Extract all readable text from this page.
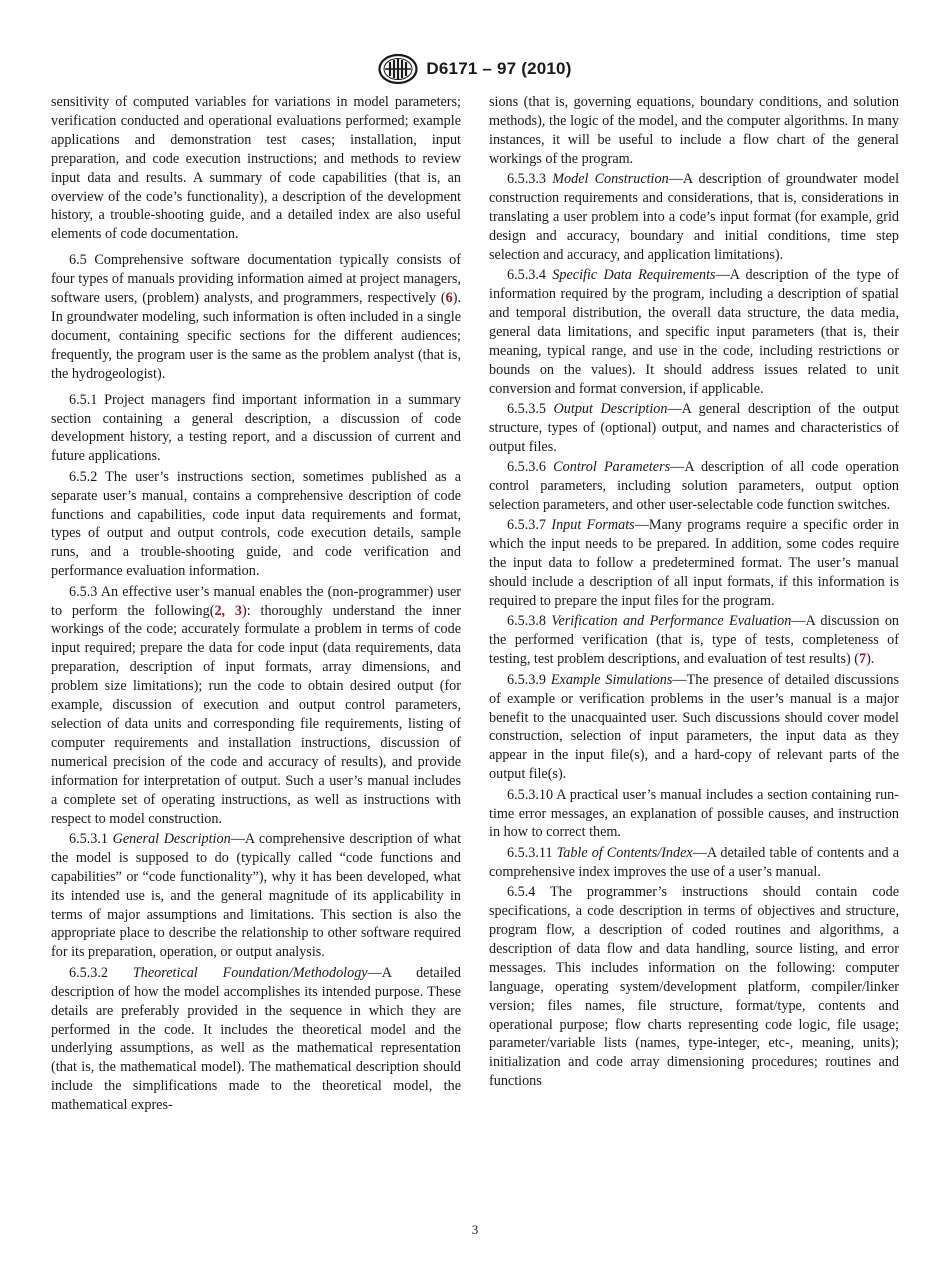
D6171 – 97 (2010)

sensitivity of computed variables for variations in model parameters; verification conducted and operational evaluations performed; example applications and demonstration test cases; installation, input preparation, and code execution instructions; and methods to review input data and results. A summary of code capabilities (that is, an overview of the code’s functionality), a description of the development history, a trouble-shooting guide, and a detailed index are also useful elements of code documentation.

6.5 Comprehensive software documentation typically consists of four types of manuals providing information aimed at project managers, software users, (problem) analysts, and programmers, respectively (6). In groundwater modeling, such information is often included in a single document, containing specific sections for the different audiences; frequently, the program user is the same as the problem analyst (that is, the hydrogeologist).

6.5.1 Project managers find important information in a summary section containing a general description, a discussion of code development history, a testing report, and a discussion of current and future applications.

6.5.2 The user’s instructions section, sometimes published as a separate user’s manual, contains a comprehensive description of code functions and capabilities, code input data requirements and format, types of output and output controls, code execution details, sample runs, and a trouble-shooting guide, and code verification and performance evaluation information.

6.5.3 An effective user’s manual enables the (non-programmer) user to perform the following(2, 3): thoroughly understand the inner workings of the code; accurately formulate a problem in terms of code input required; prepare the data for code input (data requirements, data preparation, description of input formats, array dimensions, and problem size limitations); run the code to obtain desired output (for example, discussion of execution and output control parameters, selection of data units and corresponding file requirements, listing of computer requirements and installation instructions, discussion of numerical precision of the code and accuracy of results), and provide information for interpretation of output. Such a user’s manual includes a complete set of operating instructions, as well as instructions with respect to model construction.

6.5.3.1 General Description—A comprehensive description of what the model is supposed to do (typically called “code functions and capabilities” or “code functionality”), why it has been developed, what its intended use is, and the general magnitude of its applicability in terms of major assumptions and limitations. This section is also the appropriate place to describe the relationship to other software required for its preparation, operation, or output analysis.

6.5.3.2 Theoretical Foundation/Methodology—A detailed description of how the model accomplishes its intended purpose. These details are preferably provided in the sequence in which they are performed in the code. It includes the theoretical model and the underlying assumptions, as well as the mathematical representation (that is, the mathematical model). The mathematical description should include the simplifications made to the theoretical model, the mathematical expres-

sions (that is, governing equations, boundary conditions, and solution methods), the logic of the model, and the computer algorithms. In many instances, it will be useful to include a flow chart of the general workings of the program.

6.5.3.3 Model Construction—A description of groundwater model construction requirements and considerations, that is, considerations in translating a user problem into a code’s input format (for example, grid design and accuracy, boundary and initial conditions, time step selection and accuracy, and application limitations).

6.5.3.4 Specific Data Requirements—A description of the type of information required by the program, including a description of spatial and temporal distribution, the overall data structure, the data media, general data limitations, and specific input parameters (that is, their meaning, typical range, and use in the code, including restrictions or bounds on the values). It should address issues related to unit conversion and format conversion, if applicable.

6.5.3.5 Output Description—A general description of the output structure, types of (optional) output, and names and characteristics of output files.

6.5.3.6 Control Parameters—A description of all code operation control parameters, including solution parameters, output option selection parameters, and other user-selectable code function switches.

6.5.3.7 Input Formats—Many programs require a specific order in which the input needs to be prepared. In addition, some codes require the input data to follow a predetermined format. The user’s manual should include a description of all input formats, if this information is required to prepare the input files for the program.

6.5.3.8 Verification and Performance Evaluation—A discussion on the performed verification (that is, type of tests, completeness of testing, test problem descriptions, and evaluation of test results) (7).

6.5.3.9 Example Simulations—The presence of detailed discussions of example or verification problems in the user’s manual is a major benefit to the unacquainted user. Such discussions should cover model construction, selection of input parameters, the input data as they appear in the input file(s), and a hard-copy of relevant parts of the output file(s).

6.5.3.10 A practical user’s manual includes a section containing run-time error messages, an explanation of possible causes, and instruction in how to correct them.

6.5.3.11 Table of Contents/Index—A detailed table of contents and a comprehensive index improves the use of a user’s manual.

6.5.4 The programmer’s instructions should contain code specifications, a code description in terms of objectives and structure, program flow, a description of coded routines and algorithms, a description of data flow and data handling, source listing, and error messages. This includes information on the following: computer language, operating system/development platform, compiler/linker version; files names, file structure, format/type, contents and operational purpose; flow charts representing code logic, file usage; parameter/variable lists (names, type-integer, etc-, meaning, units); initialization and code array dimensioning procedures; routines and functions

3
